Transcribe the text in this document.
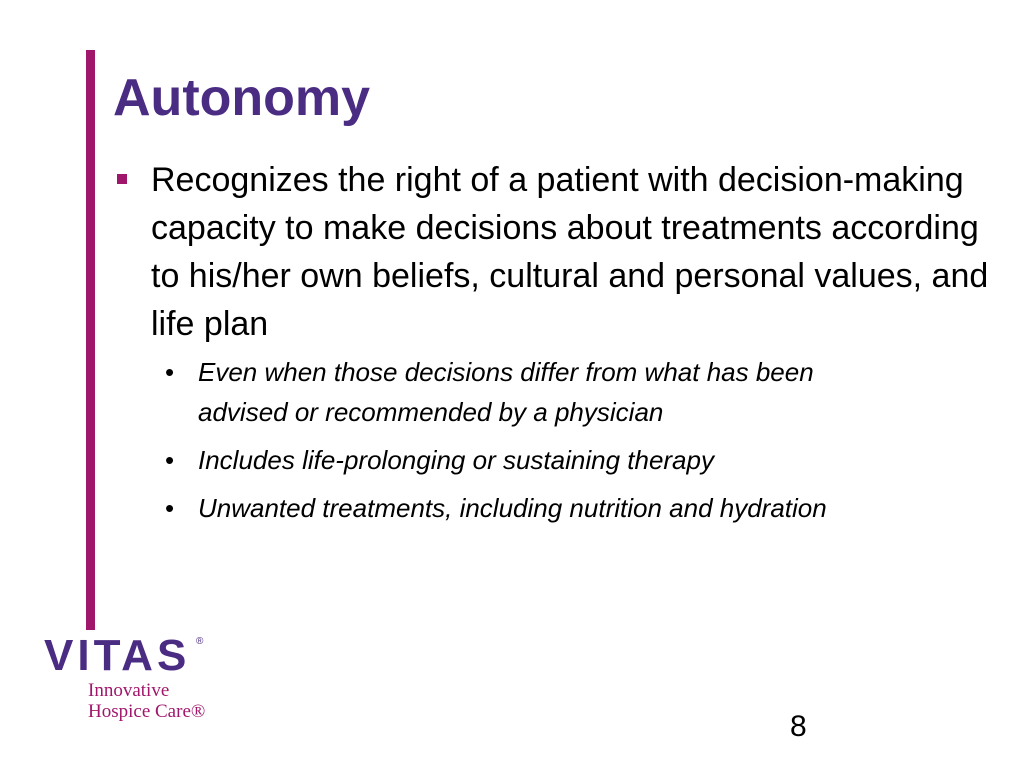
Autonomy
Recognizes the right of a patient with decision-making capacity to make decisions about treatments according to his/her own beliefs, cultural and personal values, and life plan
• Even when those decisions differ from what has been advised or recommended by a physician
• Includes life-prolonging or sustaining therapy
• Unwanted treatments, including nutrition and hydration
VITAS ®
Innovative
Hospice Care®	8
